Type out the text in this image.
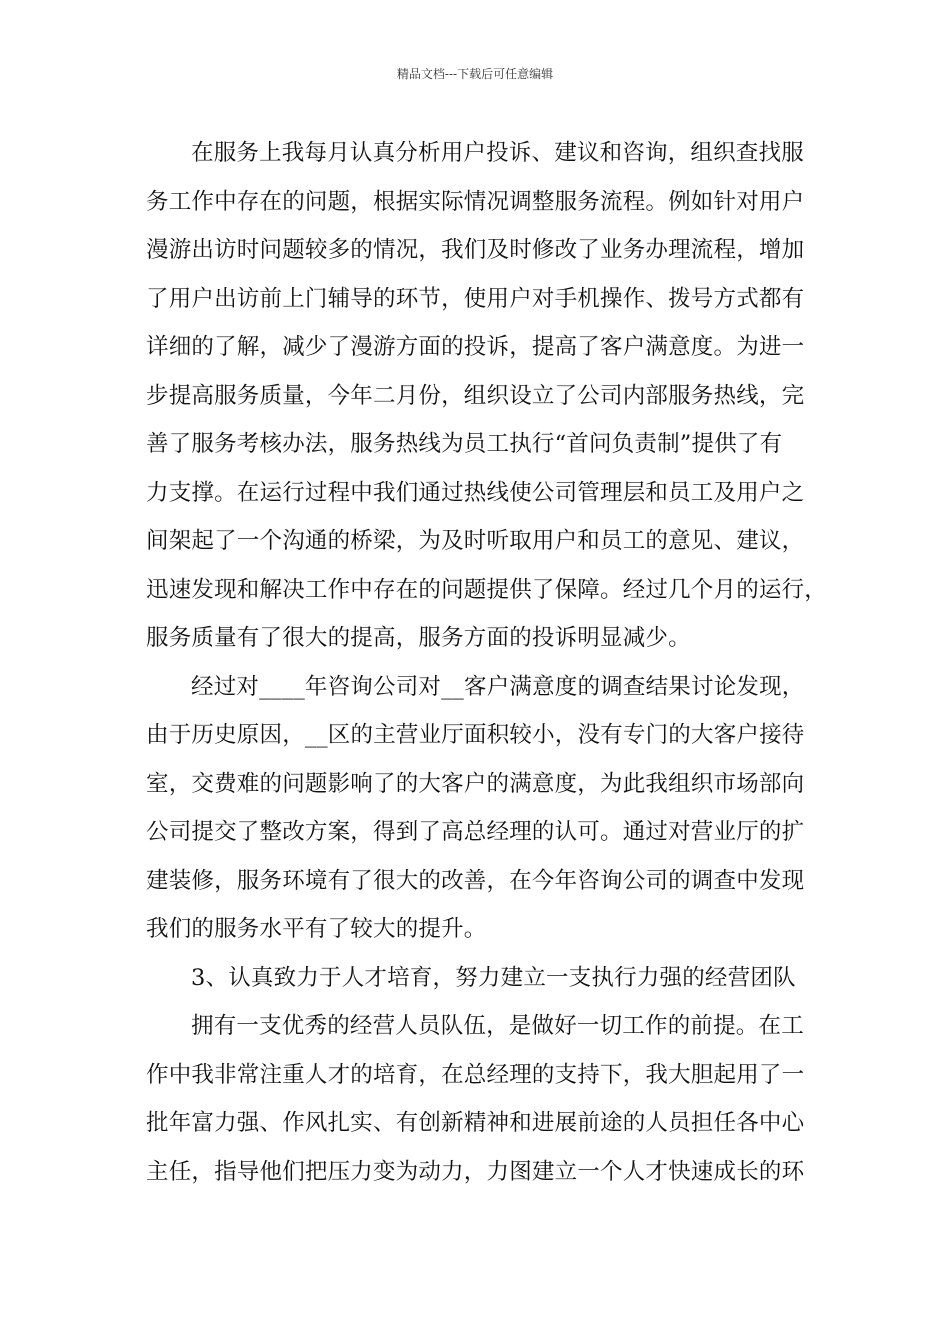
精品文档---下载后可任意编辑
在服务上我每月认真分析用户投诉、建议和咨询，组织查找服
务工作中存在的问题，根据实际情况调整服务流程。例如针对用户
漫游出访时问题较多的情况，我们及时修改了业务办理流程，增加
了用户出访前上门辅导的环节，使用户对手机操作、拨号方式都有
详细的了解，减少了漫游方面的投诉，提高了客户满意度。为进一
步提高服务质量，今年二月份，组织设立了公司内部服务热线，完
善了服务考核办法，服务热线为员工执行“首问负责制”提供了有
力支撑。在运行过程中我们通过热线使公司管理层和员工及用户之
间架起了一个沟通的桥梁，为及时听取用户和员工的意见、建议，
迅速发现和解决工作中存在的问题提供了保障。经过几个月的运行，
服务质量有了很大的提高，服务方面的投诉明显减少。
经过对____年咨询公司对__客户满意度的调查结果讨论发现，
由于历史原因，__区的主营业厅面积较小，没有专门的大客户接待
室，交费难的问题影响了的大客户的满意度，为此我组织市场部向
公司提交了整改方案，得到了高总经理的认可。通过对营业厅的扩
建装修，服务环境有了很大的改善，在今年咨询公司的调查中发现
我们的服务水平有了较大的提升。
3、认真致力于人才培育，努力建立一支执行力强的经营团队
拥有一支优秀的经营人员队伍，是做好一切工作的前提。在工
作中我非常注重人才的培育，在总经理的支持下，我大胆起用了一
批年富力强、作风扎实、有创新精神和进展前途的人员担任各中心
主任，指导他们把压力变为动力，力图建立一个人才快速成长的环
